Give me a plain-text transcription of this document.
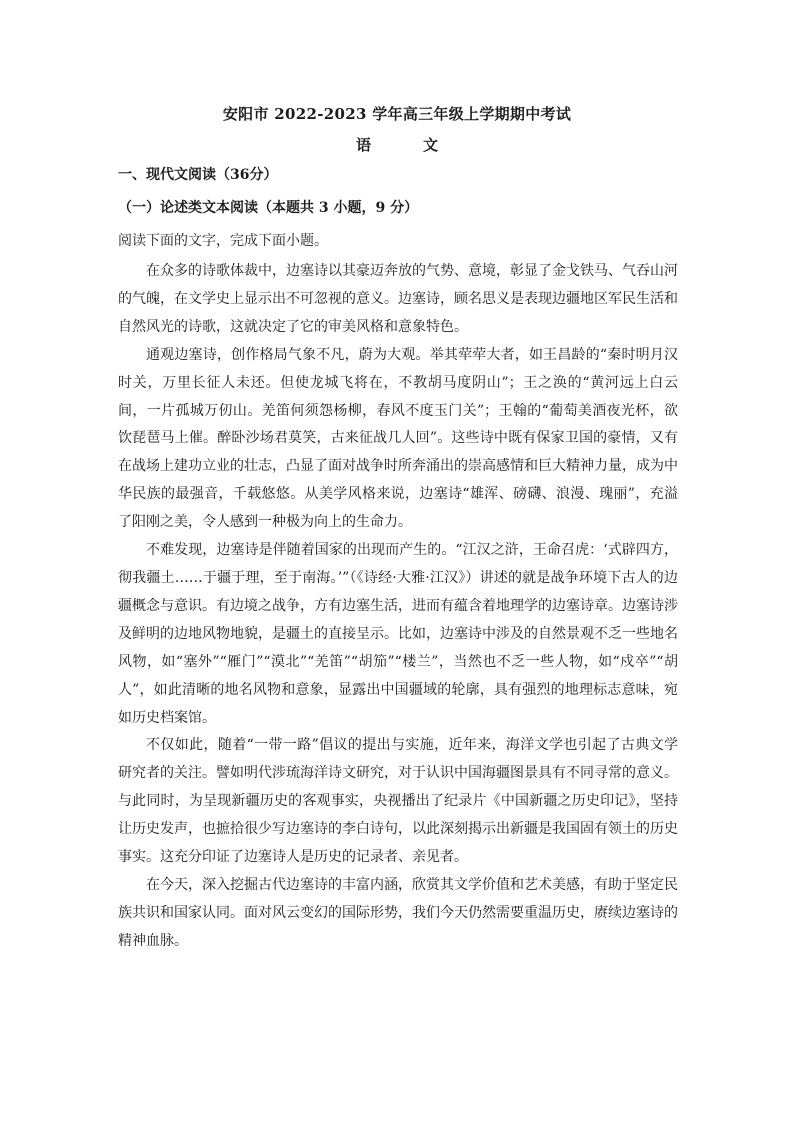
安阳市 2022-2023 学年高三年级上学期期中考试
语	文
一、现代文阅读（36分）
（一）论述类文本阅读（本题共 3 小题，9 分）
阅读下面的文字，完成下面小题。

在众多的诗歌体裁中，边塞诗以其豪迈奔放的气势、意境，彰显了金戈铁马、气吞山河的气魄，在文学史上显示出不可忽视的意义。边塞诗，顾名思义是表现边疆地区军民生活和自然风光的诗歌，这就决定了它的审美风格和意象特色。

通观边塞诗，创作格局气象不凡，蔚为大观。举其荦荦大者，如王昌龄的“秦时明月汉时关，万里长征人未还。但使龙城飞将在，不教胡马度阴山”；王之涣的“黄河远上白云间，一片孤城万仞山。羌笛何须怨杨柳，春风不度玉门关”；王翰的“葡萄美酒夜光杯，欲饮琵琶马上催。醉卧沙场君莫笑，古来征战几人回”。这些诗中既有保家卫国的豪情，又有在战场上建功立业的壮志，凸显了面对战争时所奔涌出的崇高感情和巨大精神力量，成为中华民族的最强音，千载悠悠。从美学风格来说，边塞诗“雄浑、磅礴、浪漫、瑰丽”，充溢了阳刚之美，令人感到一种极为向上的生命力。

不难发现，边塞诗是伴随着国家的出现而产生的。“江汉之浒，王命召虎：‘式辟四方，彻我疆土……于疆于理，至于南海。’”（《诗经·大雅·江汉》）讲述的就是战争环境下古人的边疆概念与意识。有边境之战争，方有边塞生活，进而有蕴含着地理学的边塞诗章。边塞诗涉及鲜明的边地风物地貌，是疆土的直接呈示。比如，边塞诗中涉及的自然景观不乏一些地名风物，如“塞外”“雁门”“漠北”“羌笛”“胡笳”“楼兰”，当然也不乏一些人物，如“戍卒”“胡人”，如此清晰的地名风物和意象，显露出中国疆域的轮廓，具有强烈的地理标志意味，宛如历史档案馆。

不仅如此，随着“一带一路”倡议的提出与实施，近年来，海洋文学也引起了古典文学研究者的关注。譬如明代涉琉海洋诗文研究，对于认识中国海疆图景具有不同寻常的意义。与此同时，为呈现新疆历史的客观事实，央视播出了纪录片《中国新疆之历史印记》，坚持让历史发声，也摭拾很少写边塞诗的李白诗句，以此深刻揭示出新疆是我国固有领土的历史事实。这充分印证了边塞诗人是历史的记录者、亲见者。

在今天，深入挖掘古代边塞诗的丰富内涵，欣赏其文学价值和艺术美感，有助于坚定民族共识和国家认同。面对风云变幻的国际形势，我们今天仍然需要重温历史，赓续边塞诗的精神血脉。
